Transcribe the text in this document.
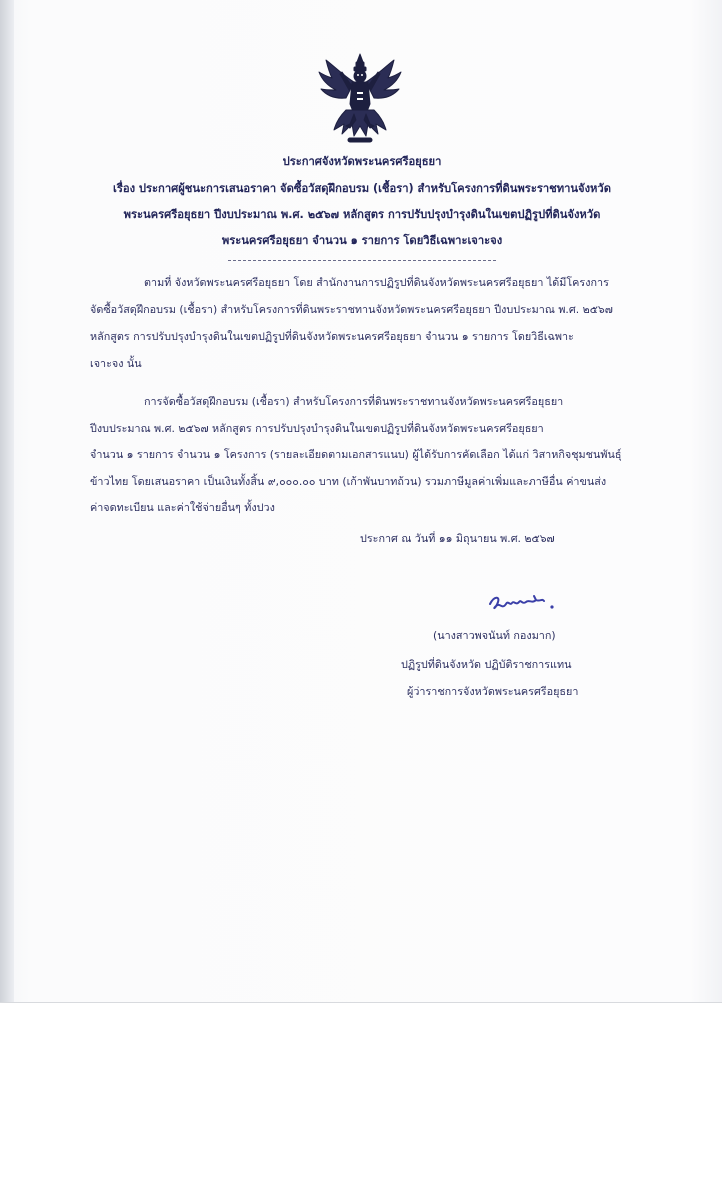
ประกาศจังหวัดพระนครศรีอยุธยา
เรื่อง ประกาศผู้ชนะการเสนอราคา จัดซื้อวัสดุฝึกอบรม (เชื้อรา) สำหรับโครงการที่ดินพระราชทานจังหวัด
พระนครศรีอยุธยา ปีงบประมาณ พ.ศ. ๒๕๖๗ หลักสูตร การปรับปรุงบำรุงดินในเขตปฏิรูปที่ดินจังหวัด
พระนครศรีอยุธยา จำนวน ๑ รายการ โดยวิธีเฉพาะเจาะจง
ตามที่ จังหวัดพระนครศรีอยุธยา โดย สำนักงานการปฏิรูปที่ดินจังหวัดพระนครศรีอยุธยา ได้มีโครงการ
จัดซื้อวัสดุฝึกอบรม (เชื้อรา) สำหรับโครงการที่ดินพระราชทานจังหวัดพระนครศรีอยุธยา ปีงบประมาณ พ.ศ. ๒๕๖๗
หลักสูตร การปรับปรุงบำรุงดินในเขตปฏิรูปที่ดินจังหวัดพระนครศรีอยุธยา จำนวน ๑ รายการ โดยวิธีเฉพาะ
เจาะจง นั้น
การจัดซื้อวัสดุฝึกอบรม (เชื้อรา) สำหรับโครงการที่ดินพระราชทานจังหวัดพระนครศรีอยุธยา
ปีงบประมาณ พ.ศ. ๒๕๖๗ หลักสูตร การปรับปรุงบำรุงดินในเขตปฏิรูปที่ดินจังหวัดพระนครศรีอยุธยา
จำนวน ๑ รายการ จำนวน ๑ โครงการ (รายละเอียดตามเอกสารแนบ) ผู้ได้รับการคัดเลือก ได้แก่ วิสาหกิจชุมชนพันธุ์
ข้าวไทย โดยเสนอราคา เป็นเงินทั้งสิ้น ๙,๐๐๐.๐๐ บาท (เก้าพันบาทถ้วน) รวมภาษีมูลค่าเพิ่มและภาษีอื่น ค่าขนส่ง
ค่าจดทะเบียน และค่าใช้จ่ายอื่นๆ ทั้งปวง
ประกาศ ณ วันที่ ๑๑ มิถุนายน พ.ศ. ๒๕๖๗
(นางสาวพจนันท์ กองมาก)
ปฏิรูปที่ดินจังหวัด ปฏิบัติราชการแทน
ผู้ว่าราชการจังหวัดพระนครศรีอยุธยา
